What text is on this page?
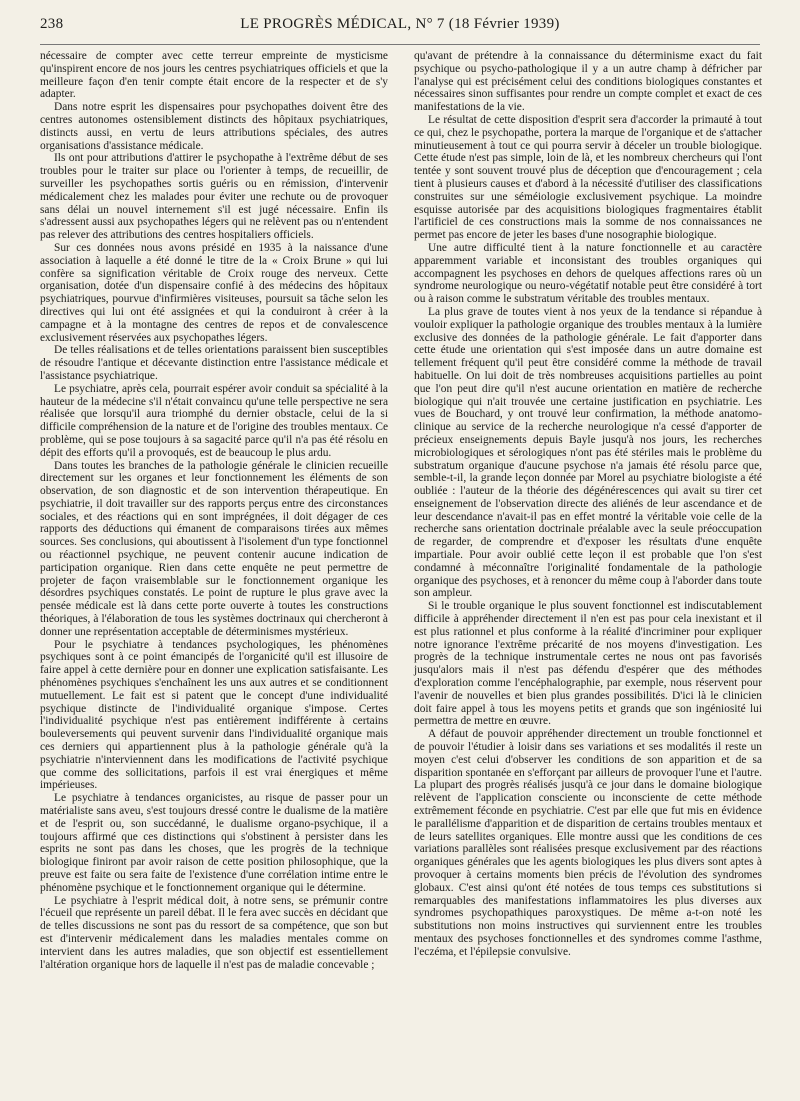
238	LE PROGRÈS MÉDICAL, N° 7 (18 Février 1939)

nécessaire de compter avec cette terreur empreinte de mysticisme qu'inspirent encore de nos jours les centres psychiatriques officiels et que la meilleure façon d'en tenir compte était encore de la respecter et de s'y adapter.

Dans notre esprit les dispensaires pour psychopathes doivent être des centres autonomes ostensiblement distincts des hôpitaux psychiatriques, distincts aussi, en vertu de leurs attributions spéciales, des autres organisations d'assistance médicale.

Ils ont pour attributions d'attirer le psychopathe à l'extrême début de ses troubles pour le traiter sur place ou l'orienter à temps, de recueillir, de surveiller les psychopathes sortis guéris ou en rémission, d'intervenir médicalement chez les malades pour éviter une rechute ou de provoquer sans délai un nouvel internement s'il est jugé nécessaire. Enfin ils s'adressent aussi aux psychopathes légers qui ne relèvent pas ou n'entendent pas relever des attributions des centres hospitaliers officiels.

Sur ces données nous avons présidé en 1935 à la naissance d'une association à laquelle a été donné le titre de la « Croix Brune » qui lui confère sa signification véritable de Croix rouge des nerveux. Cette organisation, dotée d'un dispensaire confié à des médecins des hôpitaux psychiatriques, pourvue d'infirmières visiteuses, poursuit sa tâche selon les directives qui lui ont été assignées et qui la conduiront à créer à la campagne et à la montagne des centres de repos et de convalescence exclusivement réservées aux psychopathes légers.

De telles réalisations et de telles orientations paraissent bien susceptibles de résoudre l'antique et décevante distinction entre l'assistance médicale et l'assistance psychiatrique.

Le psychiatre, après cela, pourrait espérer avoir conduit sa spécialité à la hauteur de la médecine s'il n'était convaincu qu'une telle perspective ne sera réalisée que lorsqu'il aura triomphé du dernier obstacle, celui de la si difficile compréhension de la nature et de l'origine des troubles mentaux. Ce problème, qui se pose toujours à sa sagacité parce qu'il n'a pas été résolu en dépit des efforts qu'il a provoqués, est de beaucoup le plus ardu.

Dans toutes les branches de la pathologie générale le clinicien recueille directement sur les organes et leur fonctionnement les éléments de son observation, de son diagnostic et de son intervention thérapeutique. En psychiatrie, il doit travailler sur des rapports perçus entre des circonstances sociales, et des réactions qui en sont imprégnées, il doit dégager de ces rapports des déductions qui émanent de comparaisons tirées aux mêmes sources. Ses conclusions, qui aboutissent à l'isolement d'un type fonctionnel ou réactionnel psychique, ne peuvent contenir aucune indication de participation organique. Rien dans cette enquête ne peut permettre de projeter de façon vraisemblable sur le fonctionnement organique les désordres psychiques constatés. Le point de rupture le plus grave avec la pensée médicale est là dans cette porte ouverte à toutes les constructions théoriques, à l'élaboration de tous les systèmes doctrinaux qui chercheront à donner une représentation acceptable de déterminismes mystérieux.

Pour le psychiatre à tendances psychologiques, les phénomènes psychiques sont à ce point émancipés de l'organicité qu'il est illusoire de faire appel à cette dernière pour en donner une explication satisfaisante. Les phénomènes psychiques s'enchaînent les uns aux autres et se conditionnent mutuellement. Le fait est si patent que le concept d'une individualité psychique distincte de l'individualité organique s'impose. Certes l'individualité psychique n'est pas entièrement indifférente à certains bouleversements qui peuvent survenir dans l'individualité organique mais ces derniers qui appartiennent plus à la pathologie générale qu'à la psychiatrie n'interviennent dans les modifications de l'activité psychique que comme des sollicitations, parfois il est vrai énergiques et même impérieuses.

Le psychiatre à tendances organicistes, au risque de passer pour un matérialiste sans aveu, s'est toujours dressé contre le dualisme de la matière et de l'esprit ou, son succédanné, le dualisme organo-psychique, il a toujours affirmé que ces distinctions qui s'obstinent à persister dans les esprits ne sont pas dans les choses, que les progrès de la technique biologique finiront par avoir raison de cette position philosophique, que la preuve est faite ou sera faite de l'existence d'une corrélation intime entre le phénomène psychique et le fonctionnement organique qui le détermine.

Le psychiatre à l'esprit médical doit, à notre sens, se prémunir contre l'écueil que représente un pareil débat. Il le fera avec succès en décidant que de telles discussions ne sont pas du ressort de sa compétence, que son but est d'intervenir médicalement dans les maladies mentales comme on intervient dans les autres maladies, que son objectif est essentiellement l'altération organique hors de laquelle il n'est pas de maladie concevable ;

qu'avant de prétendre à la connaissance du déterminisme exact du fait psychique ou psycho-pathologique il y a un autre champ à défricher par l'analyse qui est précisément celui des conditions biologiques constantes et nécessaires sinon suffisantes pour rendre un compte complet et exact de ces manifestations de la vie.

Le résultat de cette disposition d'esprit sera d'accorder la primauté à tout ce qui, chez le psychopathe, portera la marque de l'organique et de s'attacher minutieusement à tout ce qui pourra servir à déceler un trouble biologique. Cette étude n'est pas simple, loin de là, et les nombreux chercheurs qui l'ont tentée y sont souvent trouvé plus de déception que d'encouragement ; cela tient à plusieurs causes et d'abord à la nécessité d'utiliser des classifications construites sur une séméiologie exclusivement psychique. La moindre esquisse autorisée par des acquisitions biologiques fragmentaires établit l'artificiel de ces constructions mais la somme de nos connaissances ne permet pas encore de jeter les bases d'une nosographie biologique.

Une autre difficulté tient à la nature fonctionnelle et au caractère apparemment variable et inconsistant des troubles organiques qui accompagnent les psychoses en dehors de quelques affections rares où un syndrome neurologique ou neuro-végétatif notable peut être considéré à tort ou à raison comme le substratum véritable des troubles mentaux.

La plus grave de toutes vient à nos yeux de la tendance si répandue à vouloir expliquer la pathologie organique des troubles mentaux à la lumière exclusive des données de la pathologie générale. Le fait d'apporter dans cette étude une orientation qui s'est imposée dans un autre domaine est tellement fréquent qu'il peut être considéré comme la méthode de travail habituelle. On lui doit de très nombreuses acquisitions partielles au point que l'on peut dire qu'il n'est aucune orientation en matière de recherche biologique qui n'ait trouvée une certaine justification en psychiatrie. Les vues de Bouchard, y ont trouvé leur confirmation, la méthode anatomo-clinique au service de la recherche neurologique n'a cessé d'apporter de précieux enseignements depuis Bayle jusqu'à nos jours, les recherches microbiologiques et sérologiques n'ont pas été stériles mais le problème du substratum organique d'aucune psychose n'a jamais été résolu parce que, semble-t-il, la grande leçon donnée par Morel au psychiatre biologiste a été oubliée : l'auteur de la théorie des dégénérescences qui avait su tirer cet enseignement de l'observation directe des aliénés de leur ascendance et de leur descendance n'avait-il pas en effet montré la véritable voie celle de la recherche sans orientation doctrinale préalable avec la seule préoccupation de regarder, de comprendre et d'exposer les résultats d'une enquête impartiale. Pour avoir oublié cette leçon il est probable que l'on s'est condamné à méconnaître l'originalité fondamentale de la pathologie organique des psychoses, et à renoncer du même coup à l'aborder dans toute son ampleur.

Si le trouble organique le plus souvent fonctionnel est indiscutablement difficile à appréhender directement il n'en est pas pour cela inexistant et il est plus rationnel et plus conforme à la réalité d'incriminer pour expliquer notre ignorance l'extrême précarité de nos moyens d'investigation. Les progrès de la technique instrumentale certes ne nous ont pas favorisés jusqu'alors mais il n'est pas défendu d'espérer que des méthodes d'exploration comme l'encéphalographie, par exemple, nous réservent pour l'avenir de nouvelles et bien plus grandes possibilités. D'ici là le clinicien doit faire appel à tous les moyens petits et grands que son ingéniosité lui permettra de mettre en œuvre.

A défaut de pouvoir appréhender directement un trouble fonctionnel et de pouvoir l'étudier à loisir dans ses variations et ses modalités il reste un moyen c'est celui d'observer les conditions de son apparition et de sa disparition spontanée en s'efforçant par ailleurs de provoquer l'une et l'autre. La plupart des progrès réalisés jusqu'à ce jour dans le domaine biologique relèvent de l'application consciente ou inconsciente de cette méthode extrêmement féconde en psychiatrie. C'est par elle que fut mis en évidence le parallélisme d'apparition et de disparition de certains troubles mentaux et de leurs satellites organiques. Elle montre aussi que les conditions de ces variations parallèles sont réalisées presque exclusivement par des réactions organiques générales que les agents biologiques les plus divers sont aptes à provoquer à certains moments bien précis de l'évolution des syndromes globaux. C'est ainsi qu'ont été notées de tous temps ces substitutions si remarquables des manifestations inflammatoires les plus diverses aux syndromes psychopathiques paroxystiques. De même a-t-on noté les substitutions non moins instructives qui surviennent entre les troubles mentaux des psychoses fonctionnelles et des syndromes comme l'asthme, l'eczéma, et l'épilepsie convulsive.
